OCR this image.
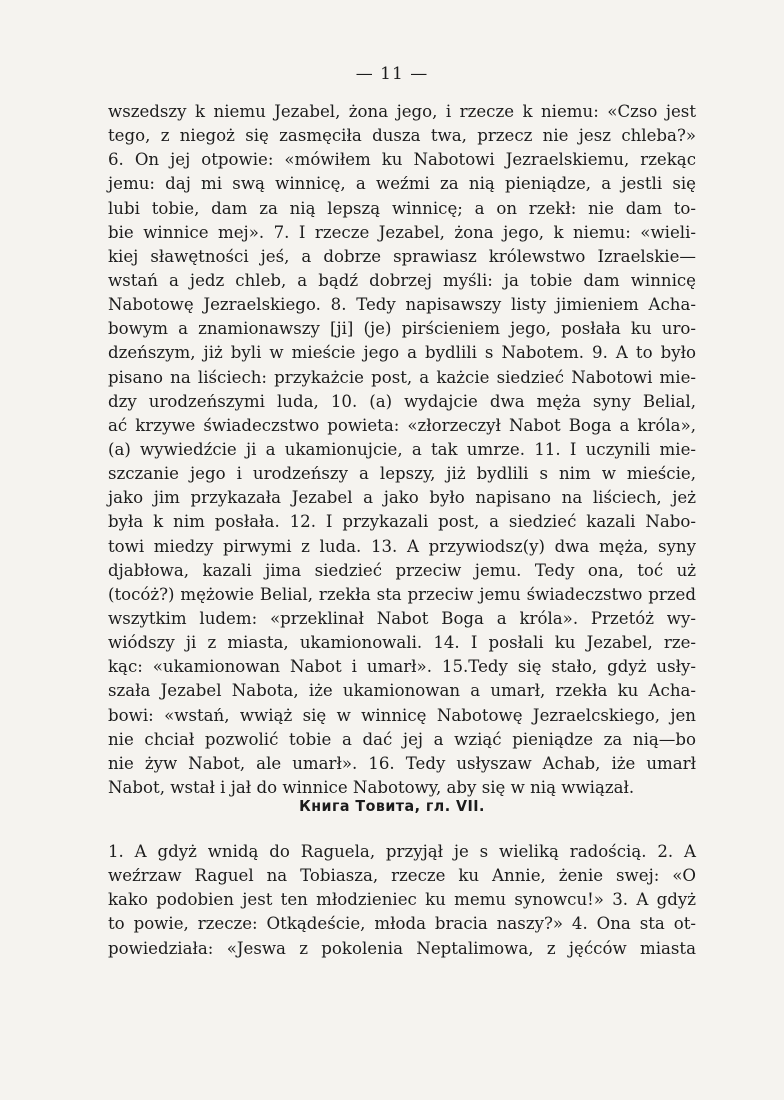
— 11 —
wszedszy k niemu Jezabel, żona jego, i rzecze k niemu: «Czso jest
tego, z niegoż się zasmęciła dusza twa, przecz nie jesz chleba?»
6. On jej otpowie: «mówiłem ku Nabotowi Jezraelskiemu, rzekąc
jemu: daj mi swą winnicę, a weźmi za nią pieniądze, a jestli się
lubi tobie, dam za nią lepszą winnicę; a on rzekł: nie dam to-
bie winnice mej». 7. I rzecze Jezabel, żona jego, k niemu: «wieli-
kiej sławętności jeś, a dobrze sprawiasz królewstwo Izraelskie—
wstań a jedz chleb, a bądź dobrzej myśli: ja tobie dam winnicę
Nabotowę Jezraelskiego. 8. Tedy napisawszy listy jimieniem Acha-
bowym a znamionawszy [ji] (je) pirścieniem jego, posłała ku uro-
dzeńszym, jiż byli w mieście jego a bydlili s Nabotem. 9. A to było
pisano na liściech: przykażcie post, a każcie siedzieć Nabotowi mie-
dzy urodzeńszymi luda, 10. (a) wydajcie dwa męża syny Belial,
ać krzywe świadeczstwo powieta: «złorzeczył Nabot Boga a króla»,
(a) wywiedźcie ji a ukamionujcie, a tak umrze. 11. I uczynili mie-
szczanie jego i urodzeńszy a lepszy, jiż bydlili s nim w mieście,
jako jim przykazała Jezabel a jako było napisano na liściech, jeż
była k nim posłała. 12. I przykazali post, a siedzieć kazali Nabo-
towi miedzy pirwymi z luda. 13. A przywiodsz(y) dwa męża, syny
djabłowa, kazali jima siedzieć przeciw jemu. Tedy ona, toć uż
(tocóż?) mężowie Belial, rzekła sta przeciw jemu świadeczstwo przed
wszytkim ludem: «przeklinał Nabot Boga a króla». Przetóż wy-
wiódszy ji z miasta, ukamionowali. 14. I posłali ku Jezabel, rze-
kąc: «ukamionowan Nabot i umarł». 15.Tedy się stało, gdyż usły-
szała Jezabel Nabota, iże ukamionowan a umarł, rzekła ku Acha-
bowi: «wstań, wwiąż się w winnicę Nabotowę Jezraelcskiego, jen
nie chciał pozwolić tobie a dać jej a wziąć pieniądze za nią—bo
nie żyw Nabot, ale umarł». 16. Tedy usłyszaw Achab, iże umarł
Nabot, wstał i jał do winnice Nabotowy, aby się w nią wwiązał.
Книга Товита, гл. VII.
1. A gdyż wnidą do Raguela, przyjął je s wieliką radością. 2. A
weźrzaw Raguel na Tobiasza, rzecze ku Annie, żenie swej: «O
kako podobien jest ten młodzieniec ku memu synowcu!» 3. A gdyż
to powie, rzecze: Otkądeście, młoda bracia naszy?» 4. Ona sta ot-
powiedziała: «Jeswa z pokolenia Neptalimowa, z jęćców miasta
